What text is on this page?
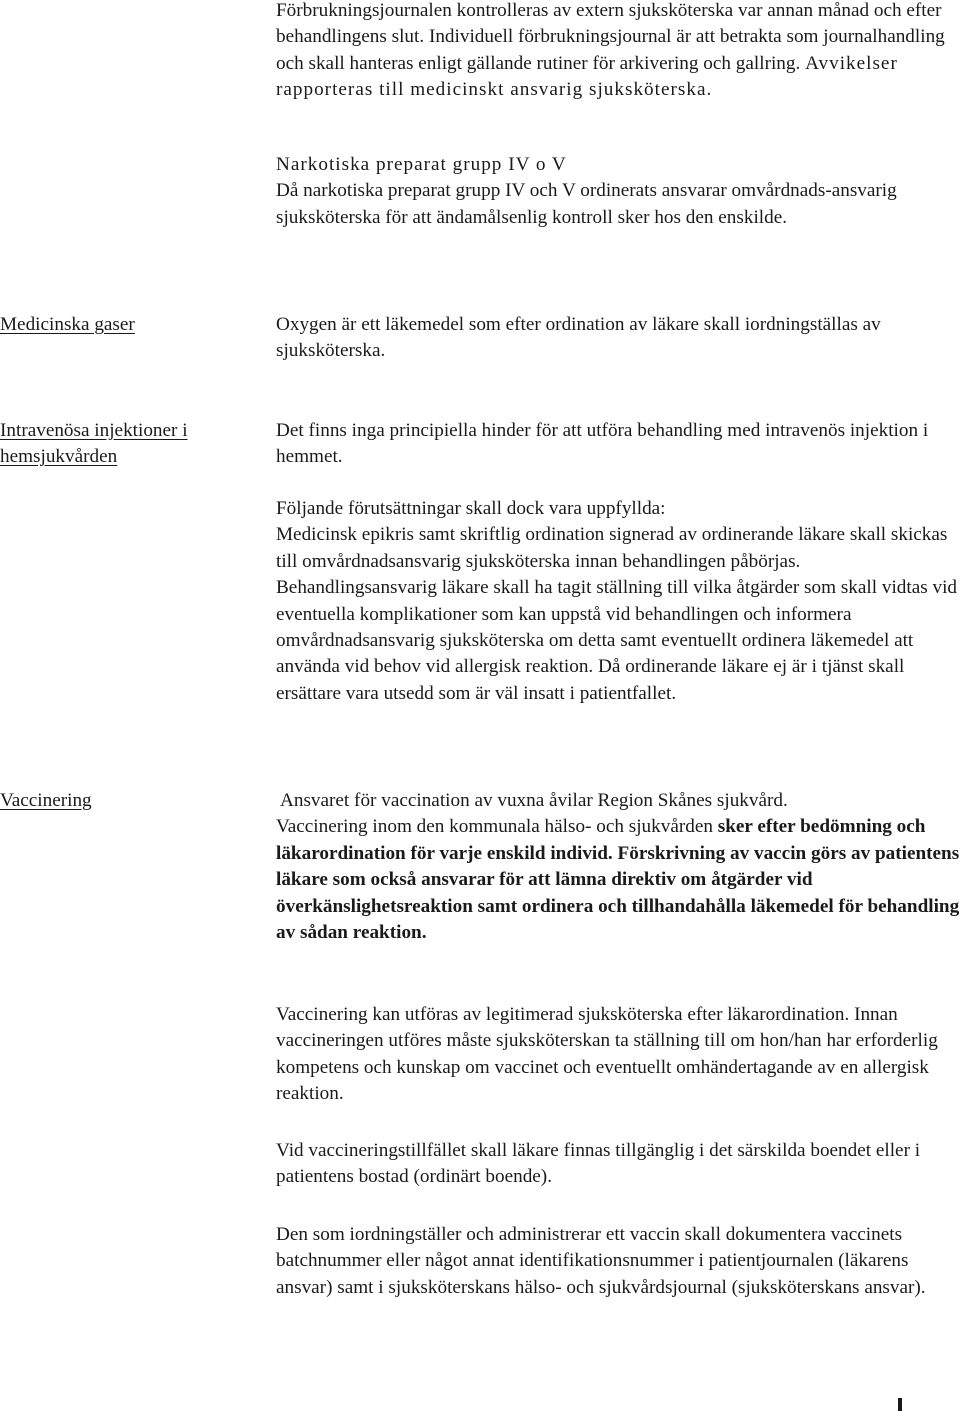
Förbrukningsjournalen kontrolleras av extern sjuksköterska var annan månad och efter behandlingens slut. Individuell förbrukningsjournal är att betrakta som journalhandling och skall hanteras enligt gällande rutiner för arkivering och gallring. Avvikelser rapporteras till medicinskt ansvarig sjuksköterska.

Narkotiska preparat grupp IV o V

Då narkotiska preparat grupp IV och V ordinerats ansvarar omvårdnads-ansvarig sjuksköterska för att ändamålsenlig kontroll sker hos den enskilde.

Medicinska gaser	Oxygen är ett läkemedel som efter ordination av läkare skall iordningställas av sjuksköterska.

Intravenösa injektioner i hemsjukvården

Det finns inga principiella hinder för att utföra behandling med intravenös injektion i hemmet.

Följande förutsättningar skall dock vara uppfyllda:

Medicinsk epikris samt skriftlig ordination signerad av ordinerande läkare skall skickas till omvårdnadsansvarig sjuksköterska innan behandlingen påbörjas. Behandlingsansvarig läkare skall ha tagit ställning till vilka åtgärder som skall vidtas vid eventuella komplikationer som kan uppstå vid behandlingen och informera omvårdnadsansvarig sjuksköterska om detta samt eventuellt ordinera läkemedel att använda vid behov vid allergisk reaktion. Då ordinerande läkare ej är i tjänst skall ersättare vara utsedd som är väl insatt i patientfallet.

Vaccinering	Ansvaret för vaccination av vuxna åvilar Region Skånes sjukvård.

Vaccinering inom den kommunala hälso- och sjukvården sker efter bedömning och läkarordination för varje enskild individ. Förskrivning av vaccin görs av patientens läkare som också ansvarar för att lämna direktiv om åtgärder vid överkänslighetsreaktion samt ordinera och tillhandahålla läkemedel för behandling av sådan reaktion.

Vaccinering kan utföras av legitimerad sjuksköterska efter läkarordination. Innan vaccineringen utföres måste sjuksköterskan ta ställning till om hon/han har erforderlig kompetens och kunskap om vaccinet och eventuellt omhändertagande av en allergisk reaktion.

Vid vaccineringstillfället skall läkare finnas tillgänglig i det särskilda boendet eller i patientens bostad (ordinärt boende).

Den som iordningställer och administrerar ett vaccin skall dokumentera vaccinets batchnummer eller något annat identifikationsnummer i patientjournalen (läkarens ansvar) samt i sjuksköterskans hälso- och sjukvårdsjournal (sjuksköterskans ansvar).
